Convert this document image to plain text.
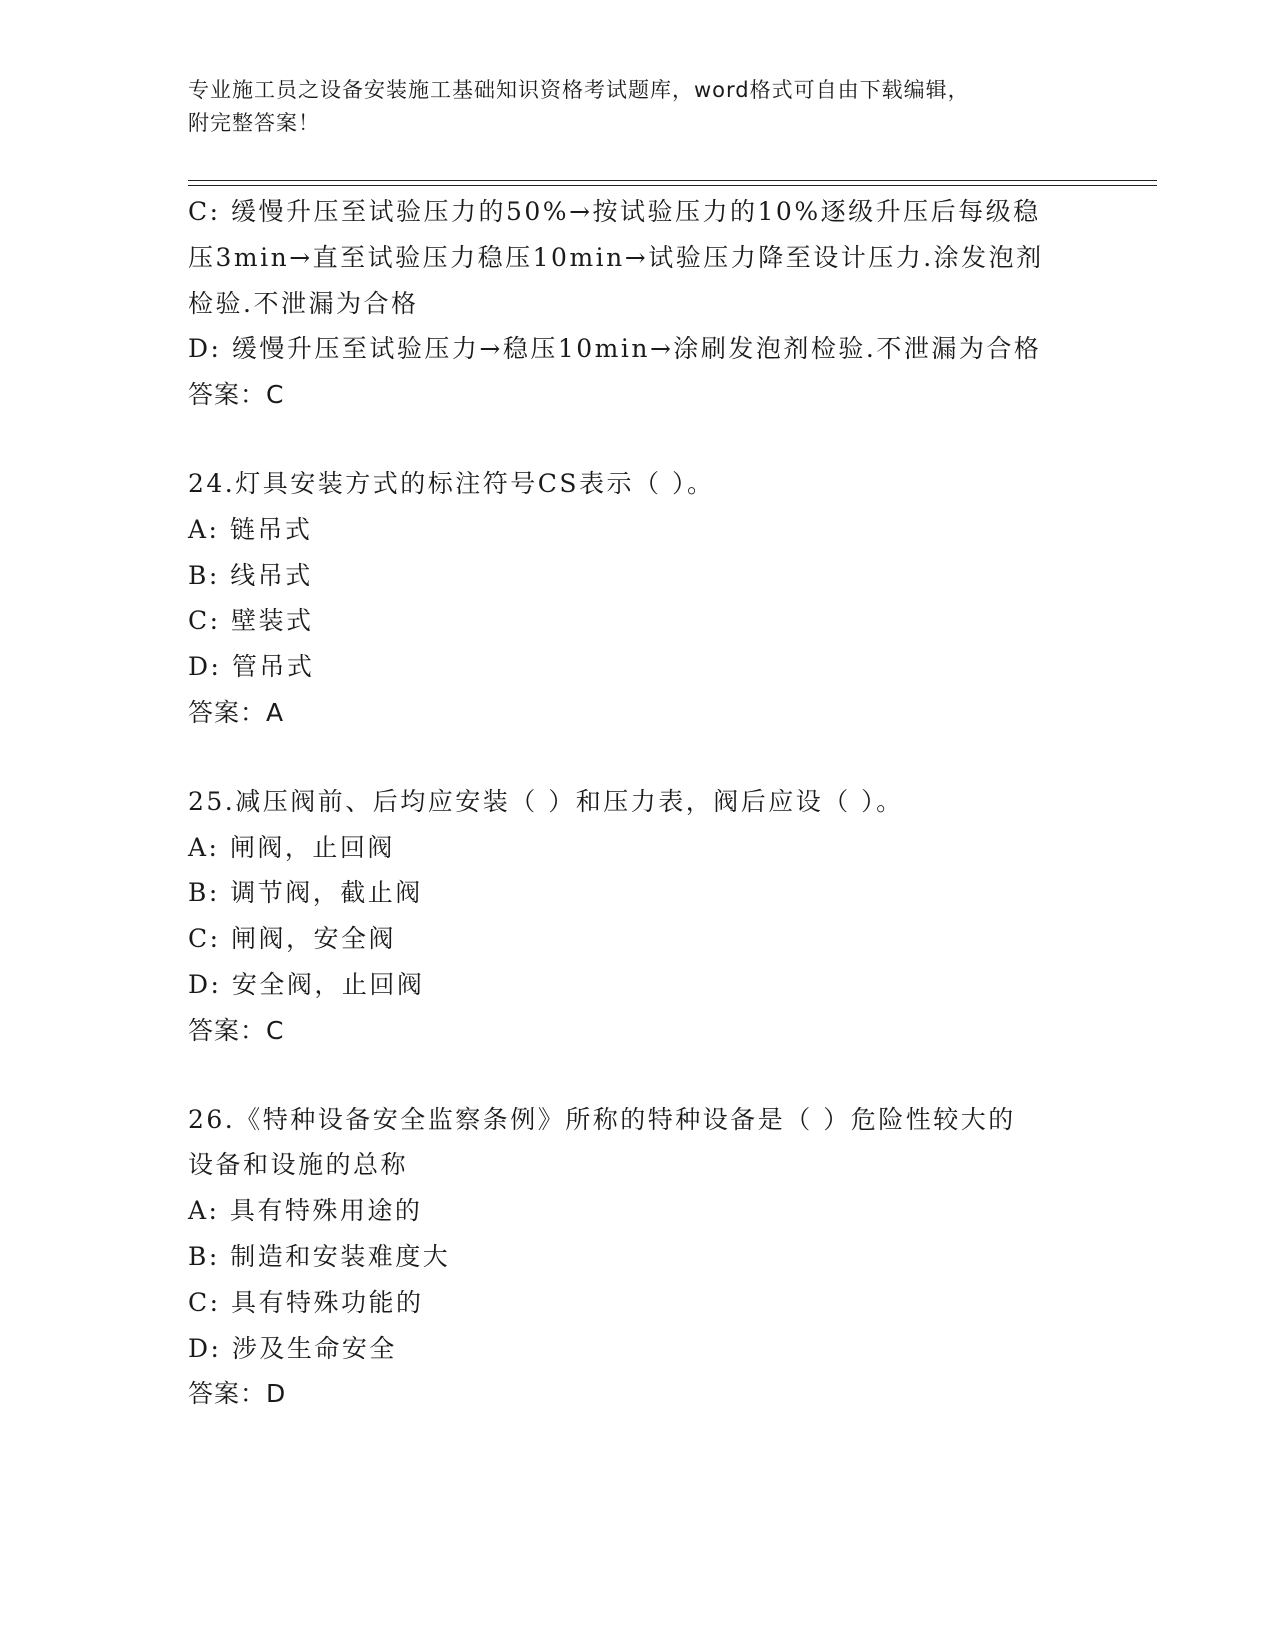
专业施工员之设备安装施工基础知识资格考试题库，word格式可自由下载编辑，
附完整答案！
C: 缓慢升压至试验压力的50%→按试验压力的10%逐级升压后每级稳
压3min→直至试验压力稳压10min→试验压力降至设计压力.涂发泡剂
检验.不泄漏为合格
D: 缓慢升压至试验压力→稳压10min→涂刷发泡剂检验.不泄漏为合格
答案：C
24.灯具安装方式的标注符号CS表示（ ）。
A: 链吊式
B: 线吊式
C: 壁装式
D: 管吊式
答案：A
25.减压阀前、后均应安装（ ）和压力表，阀后应设（ ）。
A: 闸阀，止回阀
B: 调节阀，截止阀
C: 闸阀，安全阀
D: 安全阀，止回阀
答案：C
26.《特种设备安全监察条例》所称的特种设备是（ ）危险性较大的
设备和设施的总称
A: 具有特殊用途的
B: 制造和安装难度大
C: 具有特殊功能的
D: 涉及生命安全
答案：D
